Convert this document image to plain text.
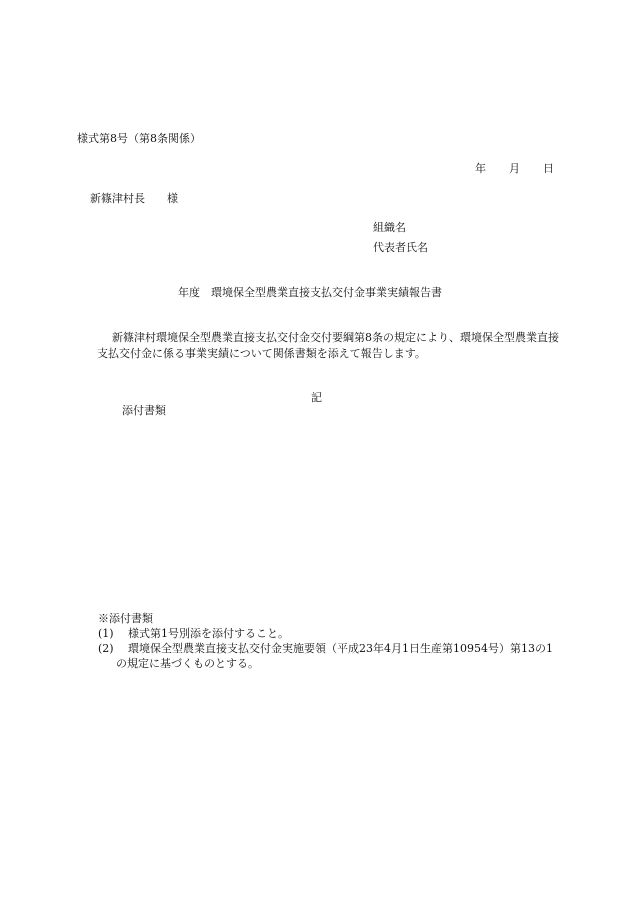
様式第8号（第8条関係）
年 月 日
新篠津村長　　様
組織名
代表者氏名
年度　環境保全型農業直接支払交付金事業実績報告書
新篠津村環境保全型農業直接支払交付金交付要綱第8条の規定により、環境保全型農業直接支払交付金に係る事業実績について関係書類を添えて報告します。
記
添付書類
※添付書類
(1)	様式第1号別添を添付すること。
(2)	環境保全型農業直接支払交付金実施要領（平成23年4月1日生産第10954号）第13の1
の規定に基づくものとする。
